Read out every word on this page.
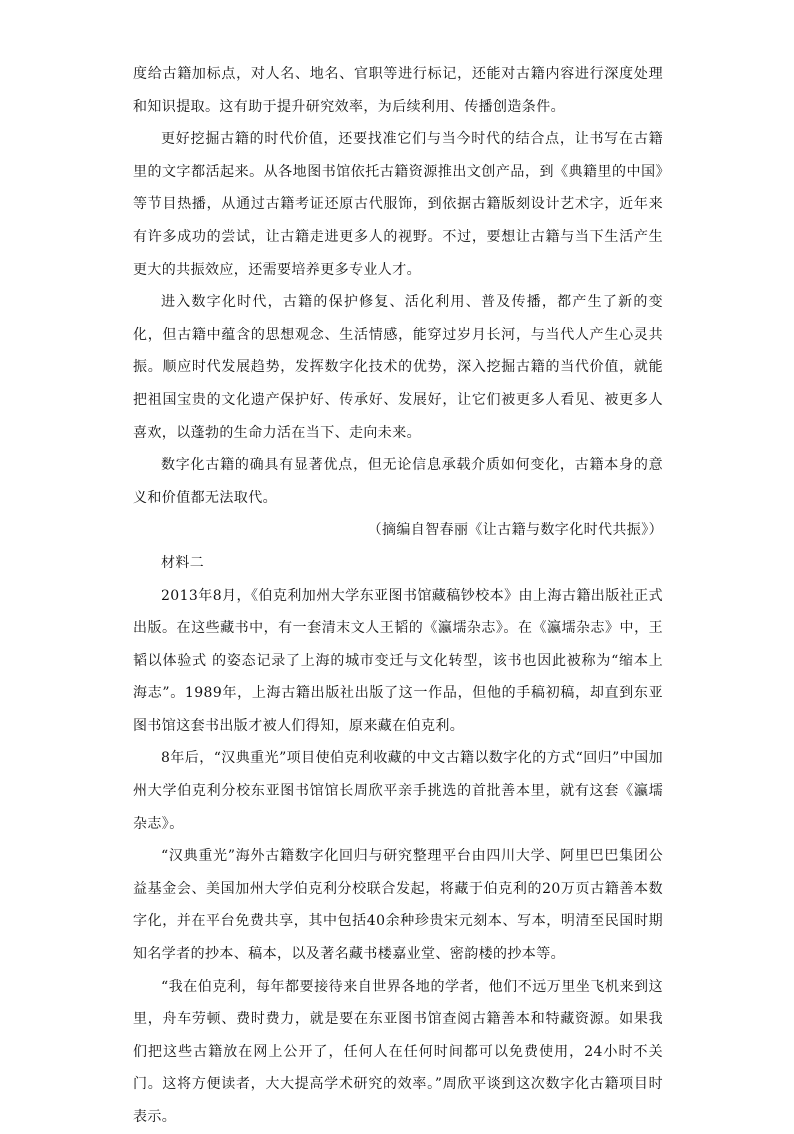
度给古籍加标点，对人名、地名、官职等进行标记，还能对古籍内容进行深度处理和知识提取。这有助于提升研究效率，为后续利用、传播创造条件。

更好挖掘古籍的时代价值，还要找准它们与当今时代的结合点，让书写在古籍里的文字都活起来。从各地图书馆依托古籍资源推出文创产品，到《典籍里的中国》等节目热播，从通过古籍考证还原古代服饰，到依据古籍版刻设计艺术字，近年来有许多成功的尝试，让古籍走进更多人的视野。不过，要想让古籍与当下生活产生更大的共振效应，还需要培养更多专业人才。

进入数字化时代，古籍的保护修复、活化利用、普及传播，都产生了新的变化，但古籍中蕴含的思想观念、生活情感，能穿过岁月长河，与当代人产生心灵共振。顺应时代发展趋势，发挥数字化技术的优势，深入挖掘古籍的当代价值，就能把祖国宝贵的文化遗产保护好、传承好、发展好，让它们被更多人看见、被更多人喜欢，以蓬勃的生命力活在当下、走向未来。

数字化古籍的确具有显著优点，但无论信息承载介质如何变化，古籍本身的意义和价值都无法取代。

（摘编自智春丽《让古籍与数字化时代共振》）

材料二

2013年8月，《伯克利加州大学东亚图书馆藏稿钞校本》由上海古籍出版社正式出版。在这些藏书中，有一套清末文人王韬的《瀛壖杂志》。在《瀛壖杂志》中，王韬以体验式 的姿态记录了上海的城市变迁与文化转型，该书也因此被称为“缩本上海志”。1989年，上海古籍出版社出版了这一作品，但他的手稿初稿，却直到东亚图书馆这套书出版才被人们得知，原来藏在伯克利。

8年后，“汉典重光”项目使伯克利收藏的中文古籍以数字化的方式“回归”中国加州大学伯克利分校东亚图书馆馆长周欣平亲手挑选的首批善本里，就有这套《瀛壖杂志》。

“汉典重光”海外古籍数字化回归与研究整理平台由四川大学、阿里巴巴集团公益基金会、美国加州大学伯克利分校联合发起，将藏于伯克利的20万页古籍善本数字化，并在平台免费共享，其中包括40余种珍贵宋元刻本、写本，明清至民国时期知名学者的抄本、稿本，以及著名藏书楼嘉业堂、密韵楼的抄本等。

“我在伯克利，每年都要接待来自世界各地的学者，他们不远万里坐飞机来到这里，舟车劳顿、费时费力，就是要在东亚图书馆查阅古籍善本和特藏资源。如果我们把这些古籍放在网上公开了，任何人在任何时间都可以免费使用，24小时不关门。这将方便读者，大大提高学术研究的效率。”周欣平谈到这次数字化古籍项目时表示。
